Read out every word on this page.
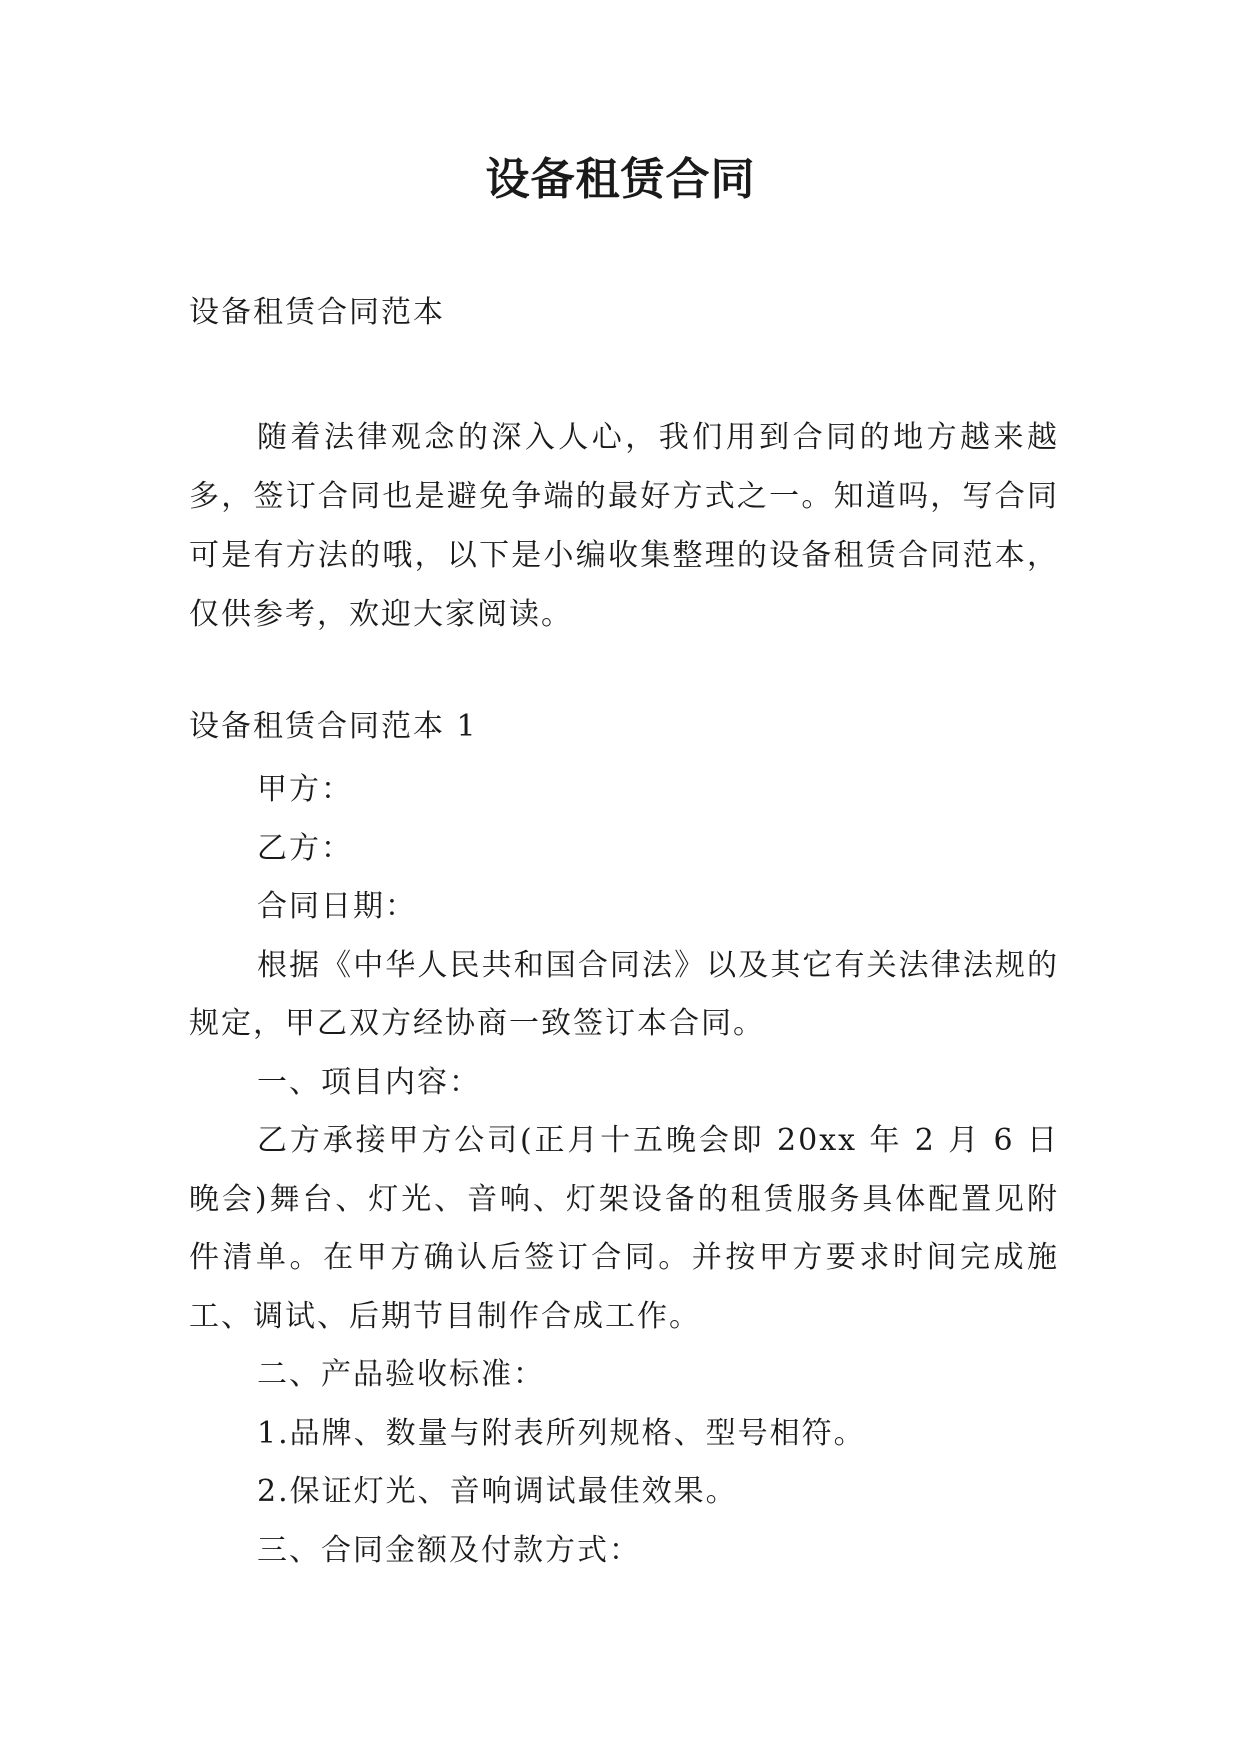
设备租赁合同

设备租赁合同范本

随着法律观念的深入人心，我们用到合同的地方越来越多，签订合同也是避免争端的最好方式之一。知道吗，写合同可是有方法的哦，以下是小编收集整理的设备租赁合同范本，仅供参考，欢迎大家阅读。

设备租赁合同范本 1

甲方：

乙方：

合同日期：

根据《中华人民共和国合同法》以及其它有关法律法规的规定，甲乙双方经协商一致签订本合同。

一、项目内容：

乙方承接甲方公司(正月十五晚会即 20xx 年 2 月 6 日晚会)舞台、灯光、音响、灯架设备的租赁服务具体配置见附件清单。在甲方确认后签订合同。并按甲方要求时间完成施工、调试、后期节目制作合成工作。

二、产品验收标准：

1.品牌、数量与附表所列规格、型号相符。

2.保证灯光、音响调试最佳效果。

三、合同金额及付款方式：
